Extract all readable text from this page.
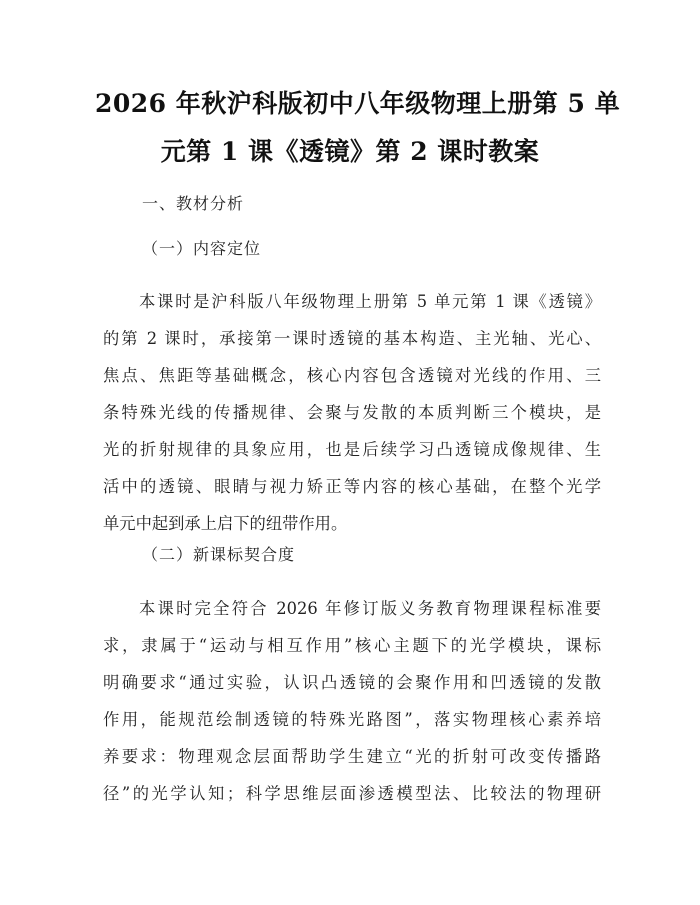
2026 年秋沪科版初中八年级物理上册第 5 单
元第 1 课《透镜》第 2 课时教案
一、教材分析
（一）内容定位
本课时是沪科版八年级物理上册第 5 单元第 1 课《透镜》
的第 2 课时，承接第一课时透镜的基本构造、主光轴、光心、
焦点、焦距等基础概念，核心内容包含透镜对光线的作用、三
条特殊光线的传播规律、会聚与发散的本质判断三个模块，是
光的折射规律的具象应用，也是后续学习凸透镜成像规律、生
活中的透镜、眼睛与视力矫正等内容的核心基础，在整个光学
单元中起到承上启下的纽带作用。
（二）新课标契合度
本课时完全符合 2026 年修订版义务教育物理课程标准要
求，隶属于“运动与相互作用”核心主题下的光学模块，课标
明确要求“通过实验，认识凸透镜的会聚作用和凹透镜的发散
作用，能规范绘制透镜的特殊光路图”，落实物理核心素养培
养要求：物理观念层面帮助学生建立“光的折射可改变传播路
径”的光学认知；科学思维层面渗透模型法、比较法的物理研
